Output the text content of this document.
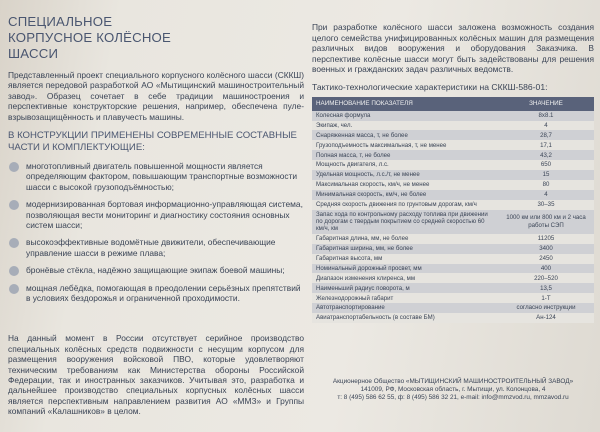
СПЕЦИАЛЬНОЕ
КОРПУСНОЕ КОЛЁСНОЕ
ШАССИ

Представленный проект специального корпусного колёсного шасси (СККШ) является передовой разработкой АО «Мытищинский машиностроительный завод». Образец сочетает в себе традиции машиностроения и перспективные конструкторские решения, например, обеспечена пуле- взрывозащищённость и плавучесть машины.

В КОНСТРУКЦИИ ПРИМЕНЕНЫ СОВРЕМЕННЫЕ СОСТАВНЫЕ ЧАСТИ И КОМПЛЕКТУЮЩИЕ:
многотопливный двигатель повышенной мощности является определяющим фактором, повышающим транспортные возможности шасси с высокой грузоподъёмностью;
модернизированная бортовая информационно-управляющая система, позволяющая вести мониторинг и диагностику состояния основных систем шасси;
высокоэффективные водомётные движители, обеспечивающие управление шасси в режиме плава;
бронёвые стёкла, надёжно защищающие экипаж боевой машины;
мощная лебёдка, помогающая в преодолении серьёзных препятствий в условиях бездорожья и ограниченной проходимости.

На данный момент в России отсутствует серийное производство специальных колёсных средств подвижности с несущим корпусом для размещения вооружения войсковой ПВО, которые удовлетворяют техническим требованиям как Министерства обороны Российской Федерации, так и иностранных заказчиков. Учитывая это, разработка и дальнейшее производство специальных корпусных колёсных шасси является перспективным направлением развития АО «ММЗ» и Группы компаний «Калашников» в целом.

При разработке колёсного шасси заложена возможность создания целого семейства унифицированных колёсных машин для размещения различных видов вооружения и оборудования Заказчика. В перспективе колёсные шасси могут быть задействованы для решения военных и гражданских задач различных ведомств.

Тактико-технологические характеристики на СККШ-586-01:
НАИМЕНОВАНИЕ ПОКАЗАТЕЛЯ	ЗНАЧЕНИЕ
Колесная формула	8х8.1
Экипаж, чел.	4
Снаряженная масса, т, не более	28,7
Грузоподъемность максимальная, т, не менее	17,1
Полная масса, т, не более	43,2
Мощность двигателя, л.с.	650
Удельная мощность, л.с./т, не менее	15
Максимальная скорость, км/ч, не менее	80
Минимальная скорость, км/ч, не более	4
Средняя скорость движения по грунтовым дорогам, км/ч	30–35
Запас хода по контрольному расходу топлива при движении по дорогам с твердым покрытием со средней скоростью 60 км/ч, км	1000 км или 800 км и 2 часа работы СЭП
Габаритная длина, мм, не более	11205
Габаритная ширина, мм, не более	3400
Габаритная высота, мм	2450
Номинальный дорожный просвет, мм	400
Диапазон изменения клиренса, мм	220–520
Наименьший радиус поворота, м	13,5
Железнодорожный габарит	1-Т
Автотранспортирование	согласно инструкции
Авиатранспортабельность (в составе БМ)	Ан-124
Акционерное Общество «МЫТИЩИНСКИЙ МАШИНОСТРОИТЕЛЬНЫЙ ЗАВОД»
141009, РФ, Московская область, г. Мытищи, ул. Колонцова, 4
т: 8 (495) 586 62 55, ф: 8 (495) 586 32 21, e-mail: info@mmzvod.ru, mmzavod.ru
